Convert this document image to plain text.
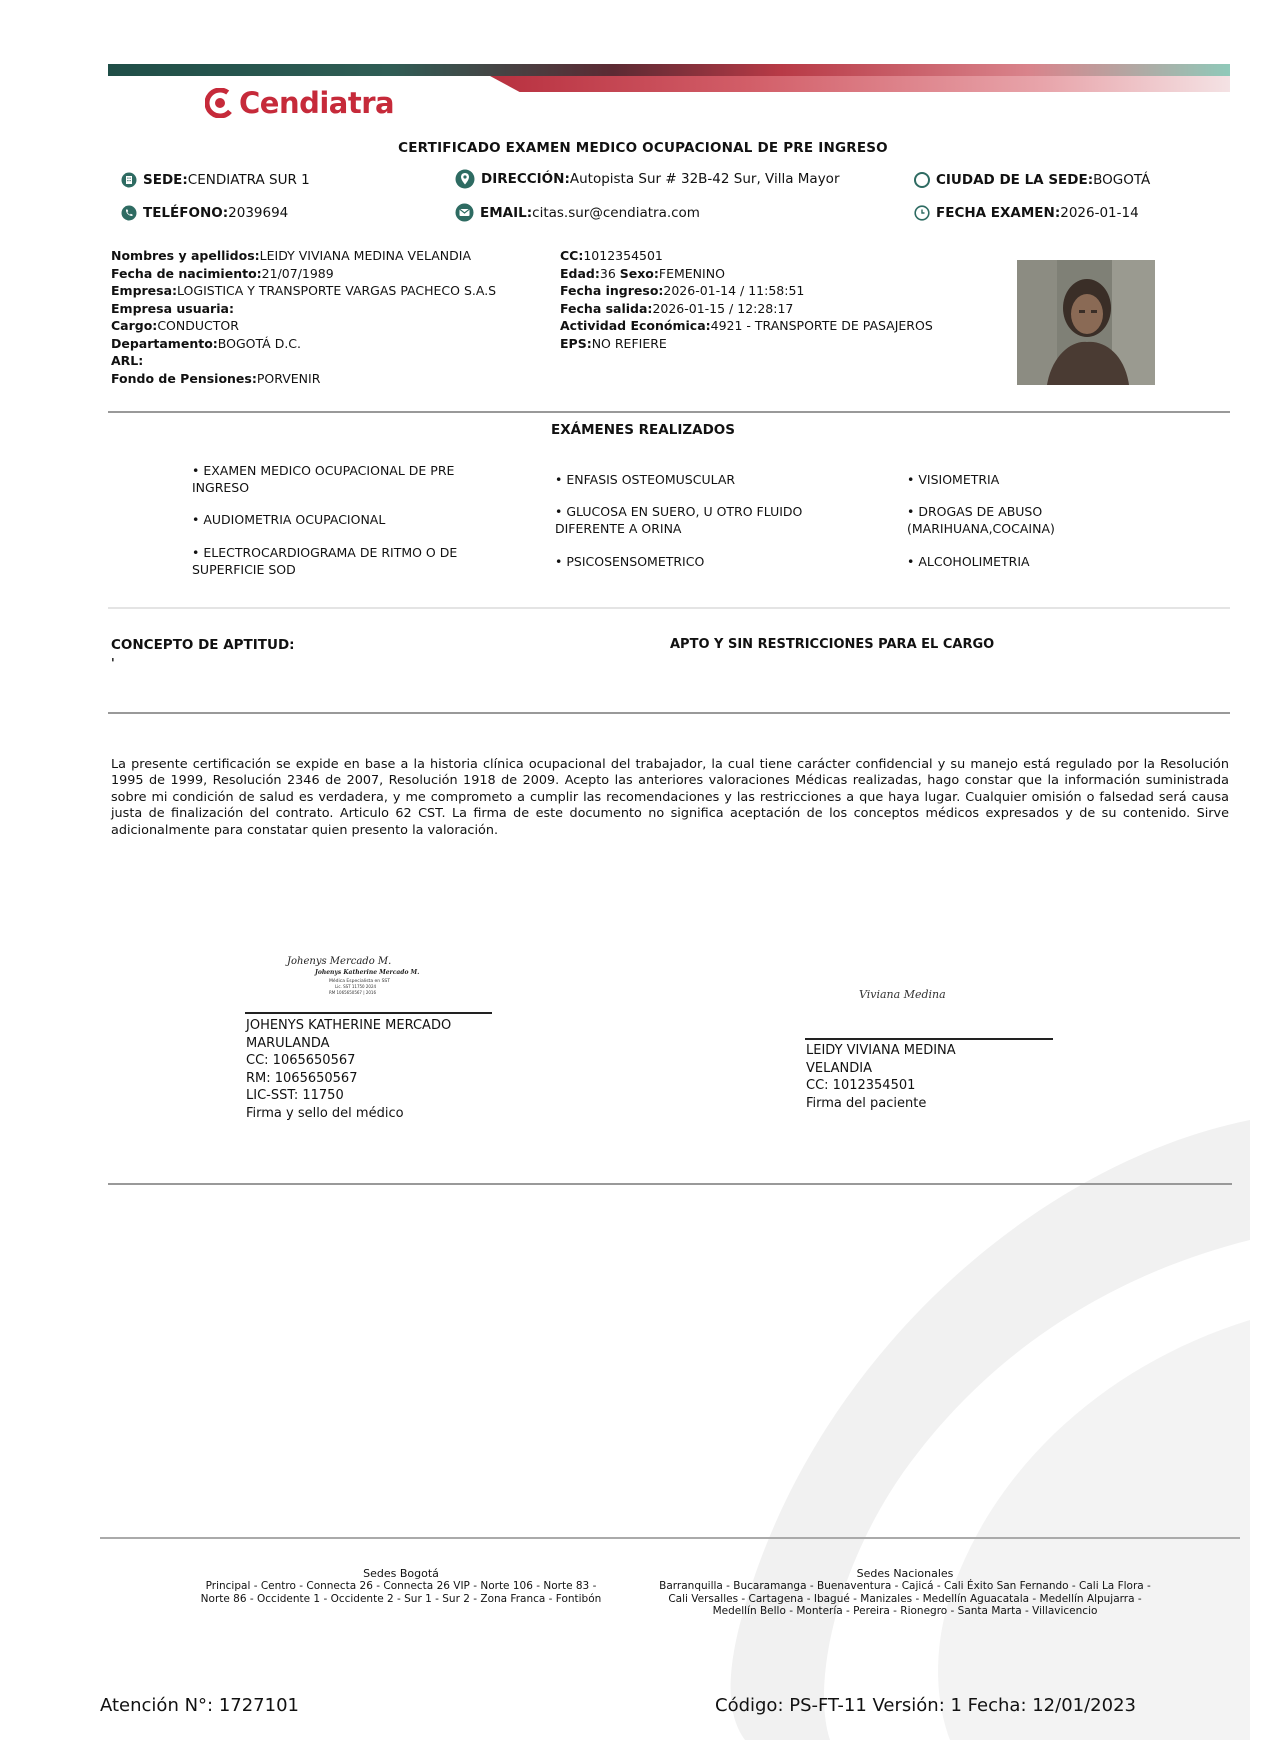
Cendiatra
CERTIFICADO EXAMEN MEDICO OCUPACIONAL DE PRE INGRESO
SEDE:CENDIATRA SUR 1	DIRECCIÓN:Autopista Sur # 32B-42 Sur, Villa Mayor	CIUDAD DE LA SEDE:BOGOTÁ
TELÉFONO:2039694	EMAIL:citas.sur@cendiatra.com	FECHA EXAMEN:2026-01-14
Nombres y apellidos:LEIDY VIVIANA MEDINA VELANDIA
Fecha de nacimiento:21/07/1989
Empresa:LOGISTICA Y TRANSPORTE VARGAS PACHECO S.A.S
Empresa usuaria:
Cargo:CONDUCTOR
Departamento:BOGOTÁ D.C.
ARL:
Fondo de Pensiones:PORVENIR
CC:1012354501
Edad:36 Sexo:FEMENINO
Fecha ingreso:2026-01-14 / 11:58:51
Fecha salida:2026-01-15 / 12:28:17
Actividad Económica:4921 - TRANSPORTE DE PASAJEROS
EPS:NO REFIERE
EXÁMENES REALIZADOS
• EXAMEN MEDICO OCUPACIONAL DE PRE INGRESO
• AUDIOMETRIA OCUPACIONAL
• ELECTROCARDIOGRAMA DE RITMO O DE SUPERFICIE SOD
• ENFASIS OSTEOMUSCULAR
• GLUCOSA EN SUERO, U OTRO FLUIDO DIFERENTE A ORINA
• PSICOSENSOMETRICO
• VISIOMETRIA
• DROGAS DE ABUSO (MARIHUANA,COCAINA)
• ALCOHOLIMETRIA
CONCEPTO DE APTITUD:
'
APTO Y SIN RESTRICCIONES PARA EL CARGO
La presente certificación se expide en base a la historia clínica ocupacional del trabajador, la cual tiene carácter confidencial y su manejo está regulado por la Resolución 1995 de 1999, Resolución 2346 de 2007, Resolución 1918 de 2009. Acepto las anteriores valoraciones Médicas realizadas, hago constar que la información suministrada sobre mi condición de salud es verdadera, y me comprometo a cumplir las recomendaciones y las restricciones a que haya lugar. Cualquier omisión o falsedad será causa justa de finalización del contrato. Articulo 62 CST. La firma de este documento no significa aceptación de los conceptos médicos expresados y de su contenido. Sirve adicionalmente para constatar quien presento la valoración.
Johenys Mercado M.
Johenys Katherine Mercado M.
Médica Especialista en SST
Lic. SST 11750 2024
RM 1065650567 | 2016
JOHENYS KATHERINE MERCADO MARULANDA
CC: 1065650567
RM: 1065650567
LIC-SST: 11750
Firma y sello del médico
Viviana Medina
LEIDY VIVIANA MEDINA VELANDIA
CC: 1012354501
Firma del paciente
Sedes Bogotá
Principal - Centro - Connecta 26 - Connecta 26 VIP - Norte 106 - Norte 83 - Norte 86 - Occidente 1 - Occidente 2 - Sur 1 - Sur 2 - Zona Franca - Fontibón
Sedes Nacionales
Barranquilla - Bucaramanga - Buenaventura - Cajicá - Cali Éxito San Fernando - Cali La Flora - Cali Versalles - Cartagena - Ibagué - Manizales - Medellín Aguacatala - Medellín Alpujarra - Medellín Bello - Montería - Pereira - Rionegro - Santa Marta - Villavicencio
Atención N°: 1727101	Código: PS-FT-11 Versión: 1 Fecha: 12/01/2023
